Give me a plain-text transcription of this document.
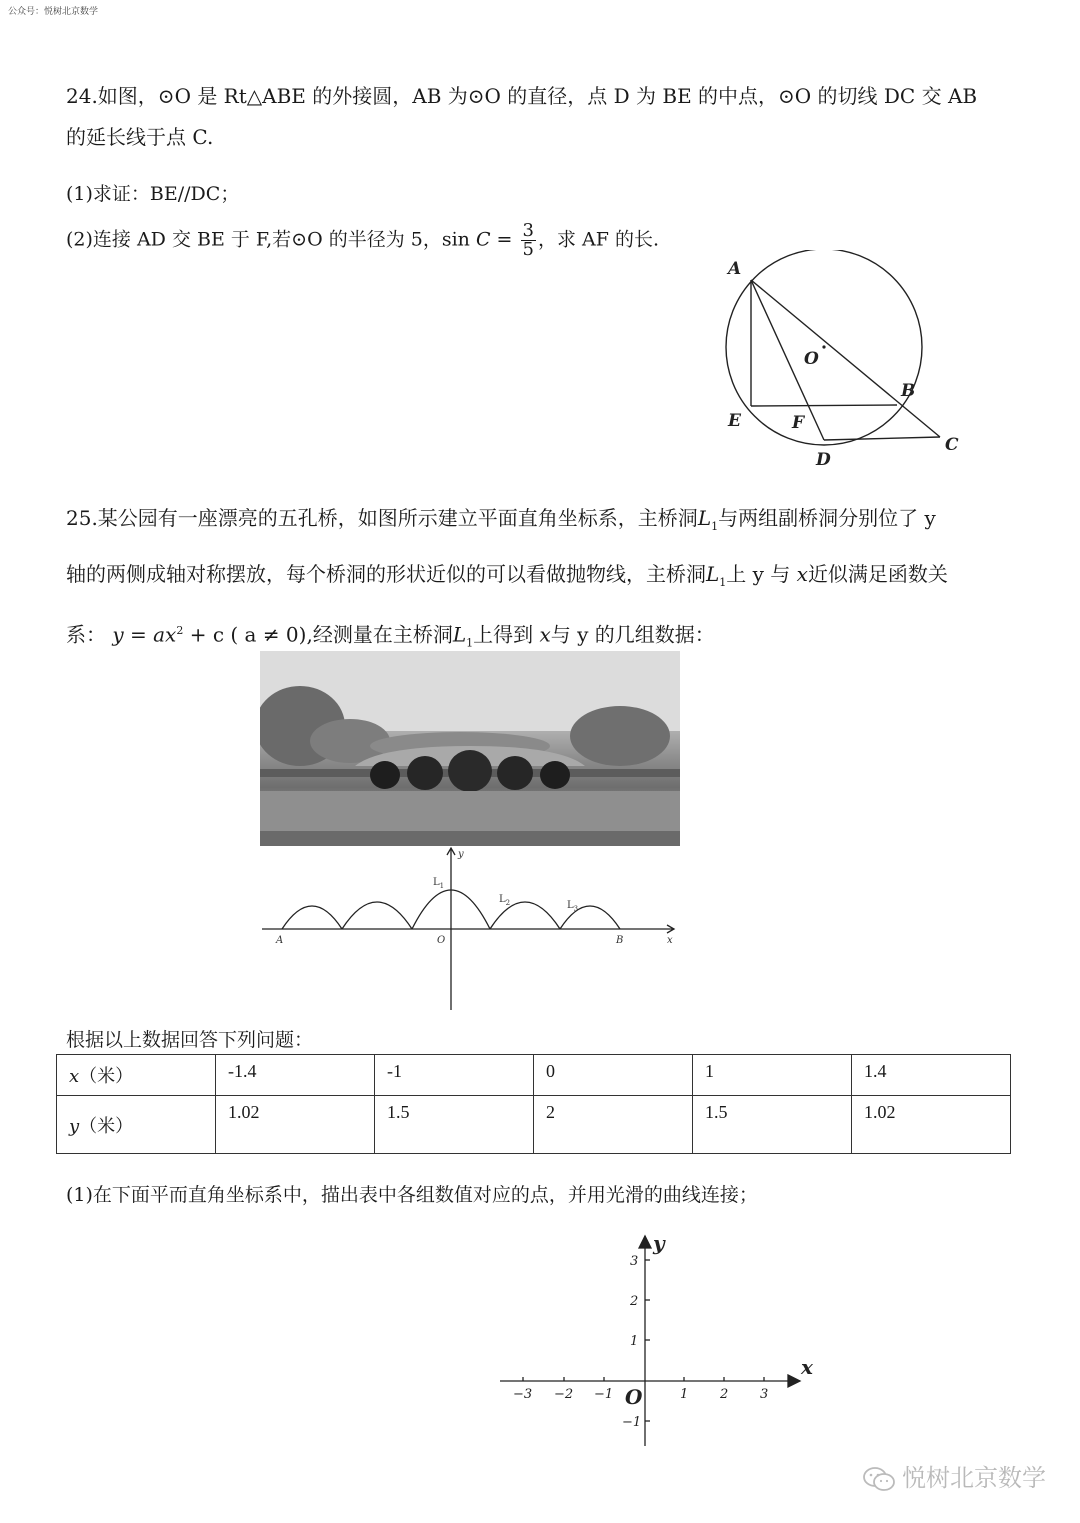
公众号：悦树北京数学
24.如图，⊙O 是 Rt△ABE 的外接圆，AB 为⊙O 的直径，点 D 为 BE 的中点，⊙O 的切线 DC 交 AB
的延长线于点 C.
(1)求证：BE//DC；
(2)连接 AD 交 BE 于 F,若⊙O 的半径为 5，$\sin C = \frac{3}{5}$ ，求 AF 的长.
A
O
B
E	F
D
C
25.某公园有一座漂亮的五孔桥，如图所示建立平面直角坐标系，主桥洞$L_1$与两组副桥洞分别位了 y
轴的两侧成轴对称摆放，每个桥洞的形状近似的可以看做抛物线，主桥洞$L_1$上 y 与 x近似满足函数关
系： $y = ax^2 + c$ ( a ≠ 0),经测量在主桥洞$L_1$上得到 x与 y 的几组数据：
y
$L_1$
$L_2$	$L_3$
A	O	B	x
根据以上数据回答下列问题：
x（米）	-1.4	-1	0	1	1.4
y（米）	1.02	1.5	2	1.5	1.02
(1)在下面平而直角坐标系中，描出表中各组数值对应的点，并用光滑的曲线连接；
x
y
O
−3 −2 −1	1 2 3
3
2
1
−1
悦树北京数学
